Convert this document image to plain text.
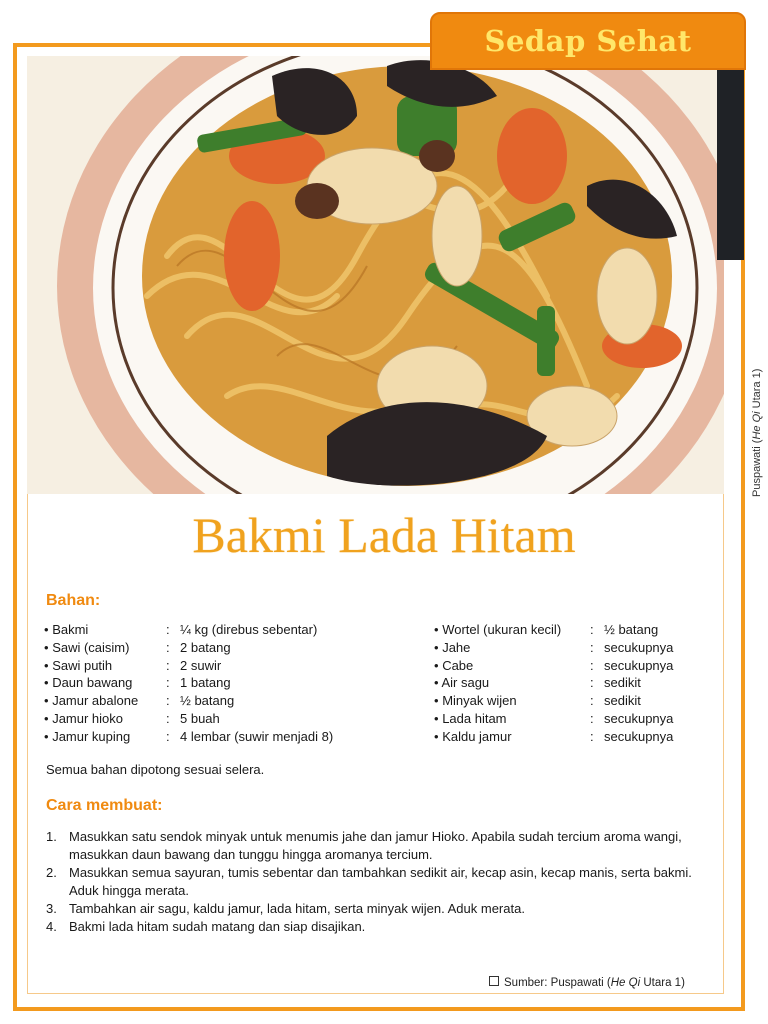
Sedap Sehat
Puspawati (He Qi Utara 1)
Bakmi Lada Hitam
Bahan:
• Bakmi	: ¼ kg (direbus sebentar)
• Sawi (caisim)	: 2 batang
• Sawi putih	: 2 suwir
• Daun bawang	: 1 batang
• Jamur abalone	: ½ batang
• Jamur hioko	: 5 buah
• Jamur kuping	: 4 lembar (suwir menjadi 8)
• Wortel (ukuran kecil)	: ½ batang
• Jahe	: secukupnya
• Cabe	: secukupnya
• Air sagu	: sedikit
• Minyak wijen	: sedikit
• Lada hitam	: secukupnya
• Kaldu jamur	: secukupnya
Semua bahan dipotong sesuai selera.
Cara membuat:
1. Masukkan satu sendok minyak untuk menumis jahe dan jamur Hioko. Apabila sudah tercium aroma wangi, masukkan daun bawang dan tunggu hingga aromanya tercium.
2. Masukkan semua sayuran, tumis sebentar dan tambahkan sedikit air, kecap asin, kecap manis, serta bakmi. Aduk hingga merata.
3. Tambahkan air sagu, kaldu jamur, lada hitam, serta minyak wijen. Aduk merata.
4. Bakmi lada hitam sudah matang dan siap disajikan.
Sumber: Puspawati (He Qi Utara 1)
